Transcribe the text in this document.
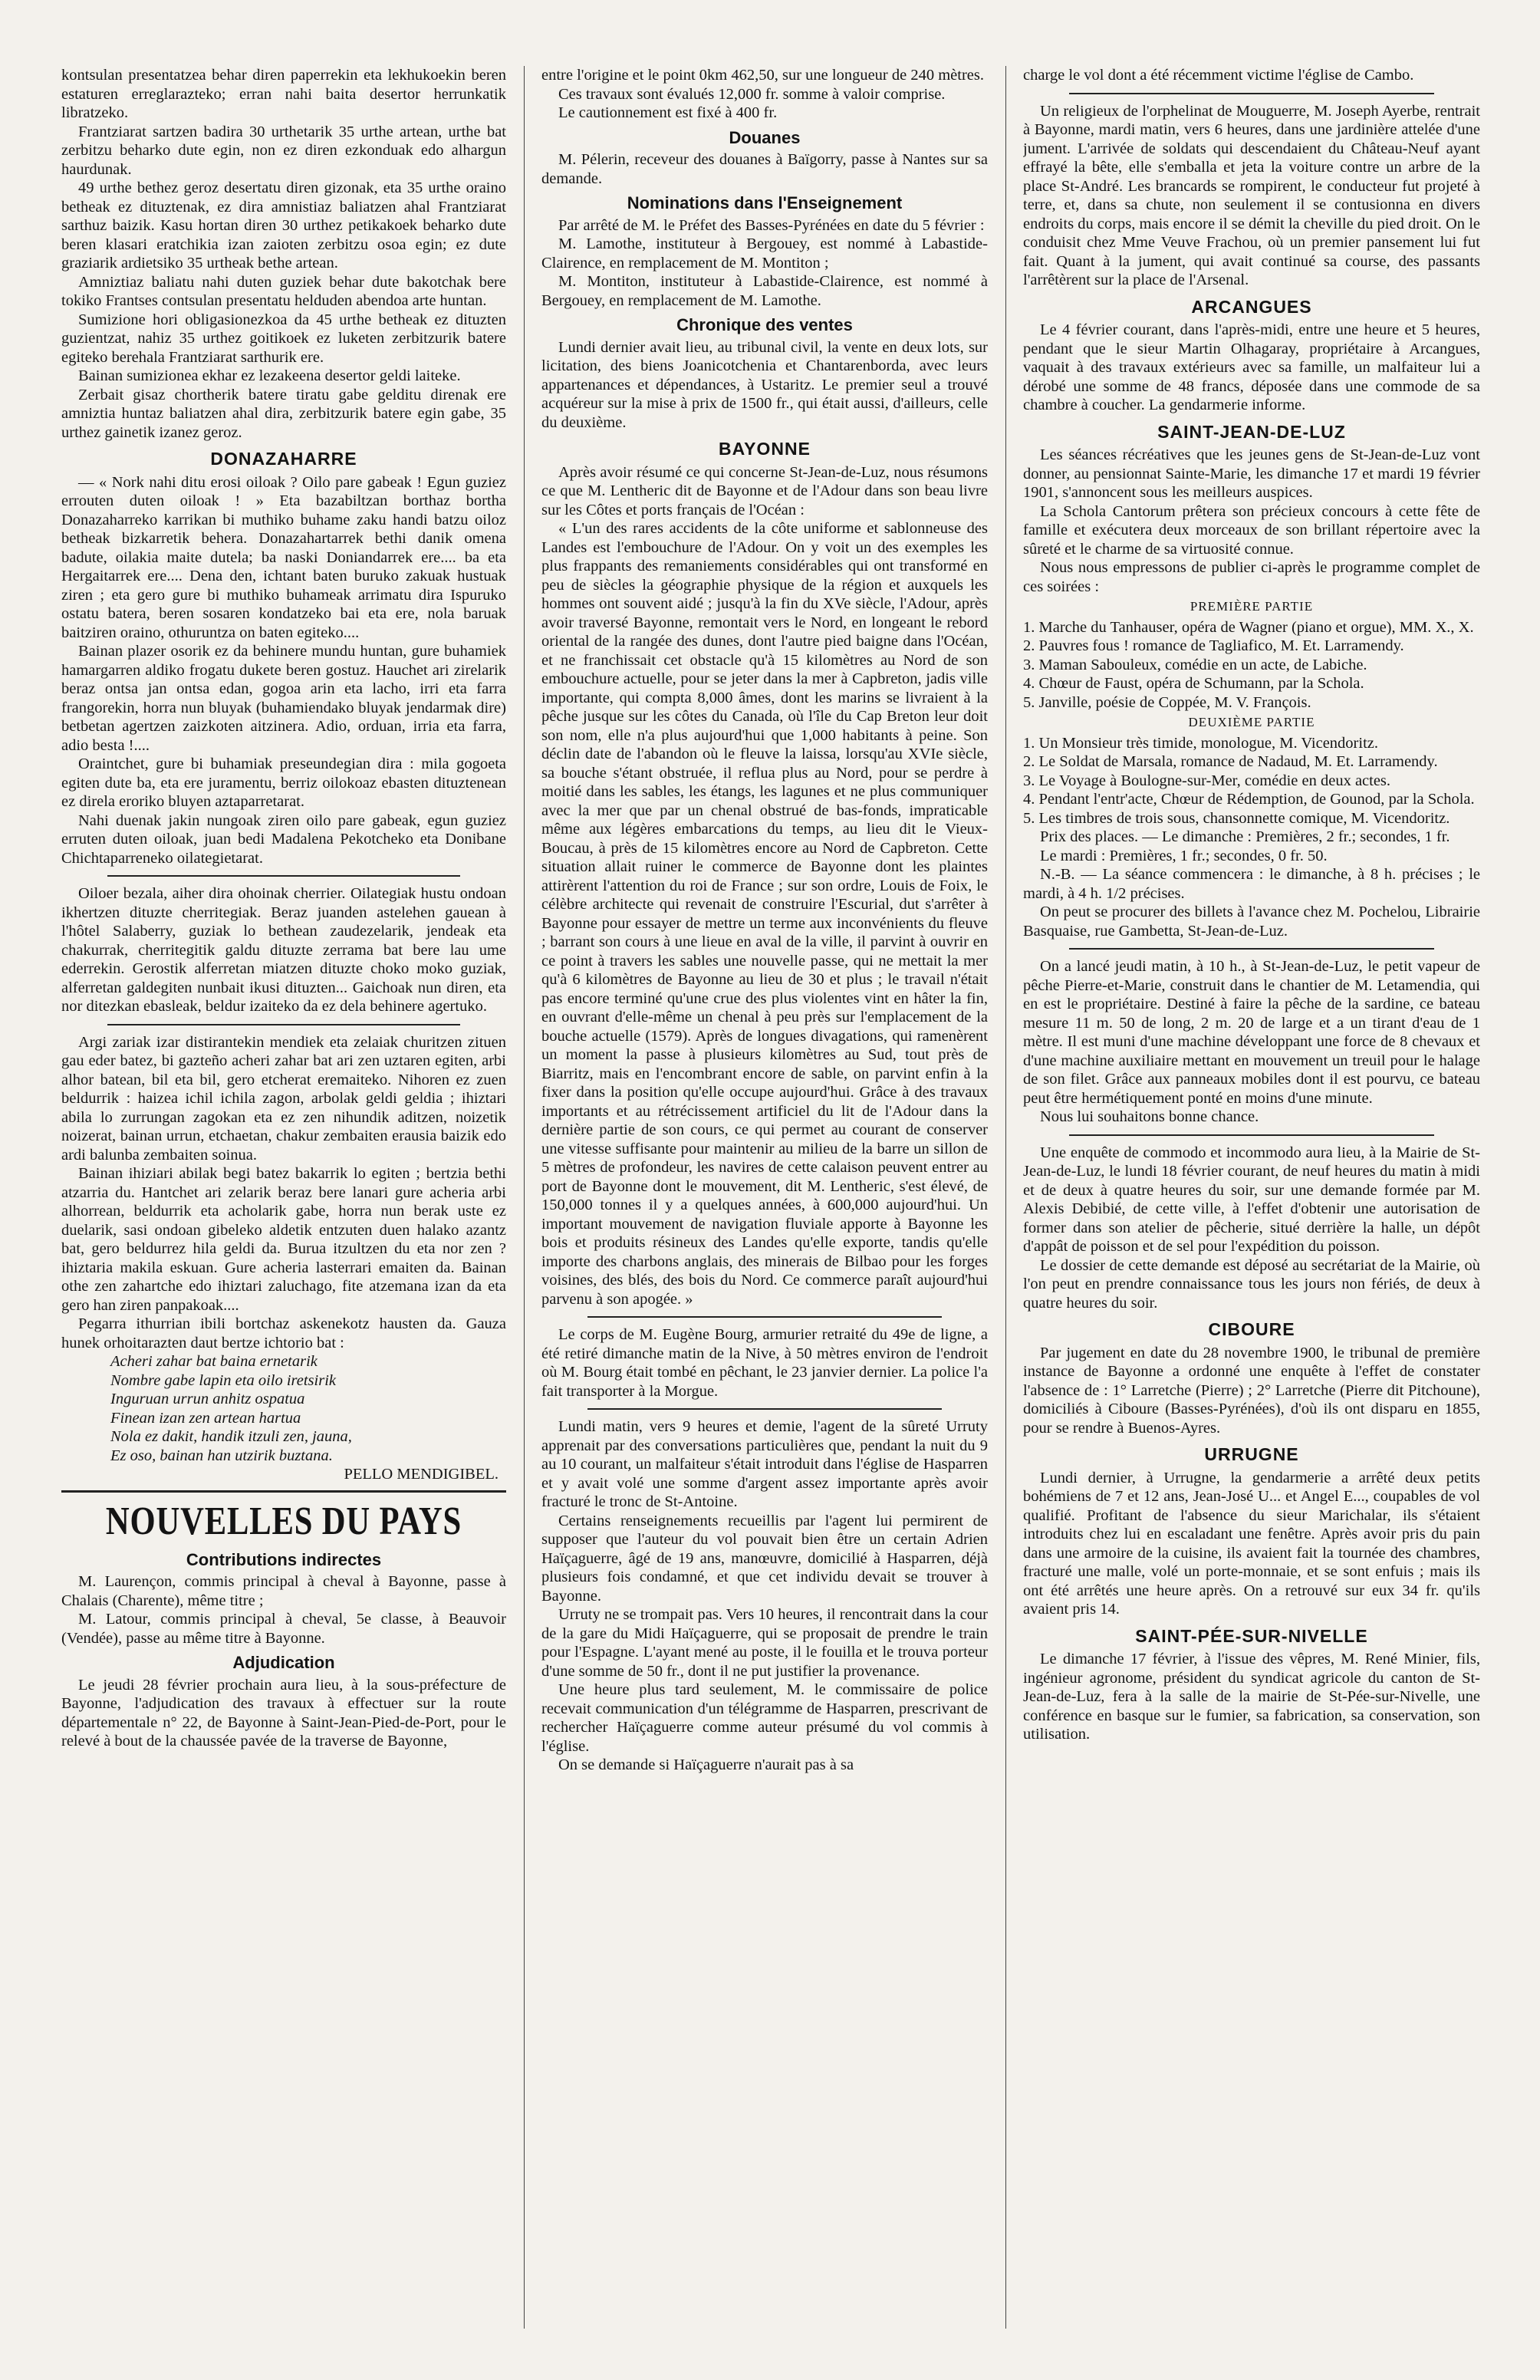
kontsulan presentatzea behar diren paperrekin eta lekhukoekin beren estaturen erreglarazteko; erran nahi baita desertor herrunkatik libratzeko.

Frantziarat sartzen badira 30 urthetarik 35 urthe artean, urthe bat zerbitzu beharko dute egin, non ez diren ezkonduak edo alhargun haurdunak.

49 urthe bethez geroz desertatu diren gizonak, eta 35 urthe oraino betheak ez dituztenak, ez dira amnistiaz baliatzen ahal Frantziarat sarthuz baizik. Kasu hortan diren 30 urthez petikakoek beharko dute beren klasari eratchikia izan zaioten zerbitzu osoa egin; ez dute graziarik ardietsiko 35 urtheak bethe artean.

Amniztiaz baliatu nahi duten guziek behar dute bakotchak bere tokiko Frantses contsulan presentatu helduden abendoa arte huntan.

Sumizione hori obligasionezkoa da 45 urthe betheak ez dituzten guzientzat, nahiz 35 urthez goitikoek ez luketen zerbitzurik batere egiteko berehala Frantziarat sarthurik ere.

Bainan sumizionea ekhar ez lezakeena desertor geldi laiteke.

Zerbait gisaz chortherik batere tiratu gabe gelditu direnak ere amniztia huntaz baliatzen ahal dira, zerbitzurik batere egin gabe, 35 urthez gainetik izanez geroz.

DONAZAHARRE

— « Nork nahi ditu erosi oiloak ? Oilo pare gabeak ! Egun guziez errouten duten oiloak ! » Eta bazabiltzan borthaz bortha Donazaharreko karrikan bi muthiko buhame zaku handi batzu oiloz betheak bizkarretik behera. Donazahartarrek bethi danik omena badute, oilakia maite dutela; ba naski Doniandarrek ere.... ba eta Hergaitarrek ere.... Dena den, ichtant baten buruko zakuak hustuak ziren ; eta gero gure bi muthiko buhameak arrimatu dira Ispuruko ostatu batera, beren sosaren kondatzeko bai eta ere, nola baruak baitziren oraino, othuruntza on baten egiteko....

Bainan plazer osorik ez da behinere mundu huntan, gure buhamiek hamargarren aldiko frogatu dukete beren gostuz. Hauchet ari zirelarik beraz ontsa jan ontsa edan, gogoa arin eta lacho, irri eta farra frangorekin, horra nun bluyak (buhamiendako bluyak jendarmak dire) betbetan agertzen zaizkoten aitzinera. Adio, orduan, irria eta farra, adio besta !....

Oraintchet, gure bi buhamiak preseundegian dira : mila gogoeta egiten dute ba, eta ere juramentu, berriz oilokoaz ebasten dituztenean ez direla eroriko bluyen aztaparretarat.

Nahi duenak jakin nungoak ziren oilo pare gabeak, egun guziez erruten duten oiloak, juan bedi Madalena Pekotcheko eta Donibane Chichtaparreneko oilategietarat.

Oiloer bezala, aiher dira ohoinak cherrier. Oilategiak hustu ondoan ikhertzen dituzte cherritegiak. Beraz juanden astelehen gauean à l'hôtel Salaberry, guziak lo bethean zaudezelarik, jendeak eta chakurrak, cherritegitik galdu dituzte zerrama bat bere lau ume ederrekin. Gerostik alferretan miatzen dituzte choko moko guziak, alferretan galdegiten nunbait ikusi dituzten... Gaichoak nun diren, eta nor ditezkan ebasleak, beldur izaiteko da ez dela behinere agertuko.

Argi zariak izar distirantekin mendiek eta zelaiak churitzen zituen gau eder batez, bi gazteño acheri zahar bat ari zen uztaren egiten, arbi alhor batean, bil eta bil, gero etcherat eremaiteko. Nihoren ez zuen beldurrik : haizea ichil ichila zagon, arbolak geldi geldia ; ihiztari abila lo zurrungan zagokan eta ez zen nihundik aditzen, noizetik noizerat, bainan urrun, etchaetan, chakur zembaiten erausia baizik edo ardi balunba zembaiten soinua.

Bainan ihiziari abilak begi batez bakarrik lo egiten ; bertzia bethi atzarria du. Hantchet ari zelarik beraz bere lanari gure acheria arbi alhorrean, beldurrik eta acholarik gabe, horra nun berak uste ez duelarik, sasi ondoan gibeleko aldetik entzuten duen halako azantz bat, gero beldurrez hila geldi da. Burua itzultzen du eta nor zen ? ihiztaria makila eskuan. Gure acheria lasterrari emaiten da. Bainan othe zen zahartche edo ihiztari zaluchago, fite atzemana izan da eta gero han ziren panpakoak....

Pegarra ithurrian ibili bortchaz askenekotz hausten da. Gauza hunek orhoitarazten daut bertze ichtorio bat :

Acheri zahar bat baina ernetarik
Nombre gabe lapin eta oilo iretsirik
Inguruan urrun anhitz ospatua
Finean izan zen artean hartua
Nola ez dakit, handik itzuli zen, jauna,
Ez oso, bainan han utzirik buztana.
PELLO MENDIGIBEL.
NOUVELLES DU PAYS
Contributions indirectes

M. Laurençon, commis principal à cheval à Bayonne, passe à Chalais (Charente), même titre ;

M. Latour, commis principal à cheval, 5e classe, à Beauvoir (Vendée), passe au même titre à Bayonne.

Adjudication

Le jeudi 28 février prochain aura lieu, à la sous-préfecture de Bayonne, l'adjudication des travaux à effectuer sur la route départementale n° 22, de Bayonne à Saint-Jean-Pied-de-Port, pour le relevé à bout de la chaussée pavée de la traverse de Bayonne,

entre l'origine et le point 0km 462,50, sur une longueur de 240 mètres.

Ces travaux sont évalués 12,000 fr. somme à valoir comprise.

Le cautionnement est fixé à 400 fr.

Douanes

M. Pélerin, receveur des douanes à Baïgorry, passe à Nantes sur sa demande.

Nominations dans l'Enseignement

Par arrêté de M. le Préfet des Basses-Pyrénées en date du 5 février :

M. Lamothe, instituteur à Bergouey, est nommé à Labastide-Clairence, en remplacement de M. Montiton ;

M. Montiton, instituteur à Labastide-Clairence, est nommé à Bergouey, en remplacement de M. Lamothe.

Chronique des ventes

Lundi dernier avait lieu, au tribunal civil, la vente en deux lots, sur licitation, des biens Joanicotchenia et Chantarenborda, avec leurs appartenances et dépendances, à Ustaritz. Le premier seul a trouvé acquéreur sur la mise à prix de 1500 fr., qui était aussi, d'ailleurs, celle du deuxième.

BAYONNE

Après avoir résumé ce qui concerne St-Jean-de-Luz, nous résumons ce que M. Lentheric dit de Bayonne et de l'Adour dans son beau livre sur les Côtes et ports français de l'Océan :

« L'un des rares accidents de la côte uniforme et sablonneuse des Landes est l'embouchure de l'Adour. On y voit un des exemples les plus frappants des remaniements considérables qui ont transformé en peu de siècles la géographie physique de la région et auxquels les hommes ont souvent aidé ; jusqu'à la fin du XVe siècle, l'Adour, après avoir traversé Bayonne, remontait vers le Nord, en longeant le rebord oriental de la rangée des dunes, dont l'autre pied baigne dans l'Océan, et ne franchissait cet obstacle qu'à 15 kilomètres au Nord de son embouchure actuelle, pour se jeter dans la mer à Capbreton, jadis ville importante, qui compta 8,000 âmes, dont les marins se livraient à la pêche jusque sur les côtes du Canada, où l'île du Cap Breton leur doit son nom, elle n'a plus aujourd'hui que 1,000 habitants à peine. Son déclin date de l'abandon où le fleuve la laissa, lorsqu'au XVIe siècle, sa bouche s'étant obstruée, il reflua plus au Nord, pour se perdre à moitié dans les sables, les étangs, les lagunes et ne plus communiquer avec la mer que par un chenal obstrué de bas-fonds, impraticable même aux légères embarcations du temps, au lieu dit le Vieux-Boucau, à près de 15 kilomètres encore au Nord de Capbreton. Cette situation allait ruiner le commerce de Bayonne dont les plaintes attirèrent l'attention du roi de France ; sur son ordre, Louis de Foix, le célèbre architecte qui revenait de construire l'Escurial, dut s'arrêter à Bayonne pour essayer de mettre un terme aux inconvénients du fleuve ; barrant son cours à une lieue en aval de la ville, il parvint à ouvrir en ce point à travers les sables une nouvelle passe, qui ne mettait la mer qu'à 6 kilomètres de Bayonne au lieu de 30 et plus ; le travail n'était pas encore terminé qu'une crue des plus violentes vint en hâter la fin, en ouvrant d'elle-même un chenal à peu près sur l'emplacement de la bouche actuelle (1579). Après de longues divagations, qui ramenèrent un moment la passe à plusieurs kilomètres au Sud, tout près de Biarritz, mais en l'encombrant encore de sable, on parvint enfin à la fixer dans la position qu'elle occupe aujourd'hui. Grâce à des travaux importants et au rétrécissement artificiel du lit de l'Adour dans la dernière partie de son cours, ce qui permet au courant de conserver une vitesse suffisante pour maintenir au milieu de la barre un sillon de 5 mètres de profondeur, les navires de cette calaison peuvent entrer au port de Bayonne dont le mouvement, dit M. Lentheric, s'est élevé, de 150,000 tonnes il y a quelques années, à 600,000 aujourd'hui. Un important mouvement de navigation fluviale apporte à Bayonne les bois et produits résineux des Landes qu'elle exporte, tandis qu'elle importe des charbons anglais, des minerais de Bilbao pour les forges voisines, des blés, des bois du Nord. Ce commerce paraît aujourd'hui parvenu à son apogée. »

Le corps de M. Eugène Bourg, armurier retraité du 49e de ligne, a été retiré dimanche matin de la Nive, à 50 mètres environ de l'endroit où M. Bourg était tombé en pêchant, le 23 janvier dernier. La police l'a fait transporter à la Morgue.

Lundi matin, vers 9 heures et demie, l'agent de la sûreté Urruty apprenait par des conversations particulières que, pendant la nuit du 9 au 10 courant, un malfaiteur s'était introduit dans l'église de Hasparren et y avait volé une somme d'argent assez importante après avoir fracturé le tronc de St-Antoine.

Certains renseignements recueillis par l'agent lui permirent de supposer que l'auteur du vol pouvait bien être un certain Adrien Haïçaguerre, âgé de 19 ans, manœuvre, domicilié à Hasparren, déjà plusieurs fois condamné, et que cet individu devait se trouver à Bayonne.

Urruty ne se trompait pas. Vers 10 heures, il rencontrait dans la cour de la gare du Midi Haïçaguerre, qui se proposait de prendre le train pour l'Espagne. L'ayant mené au poste, il le fouilla et le trouva porteur d'une somme de 50 fr., dont il ne put justifier la provenance.

Une heure plus tard seulement, M. le commissaire de police recevait communication d'un télégramme de Hasparren, prescrivant de rechercher Haïçaguerre comme auteur présumé du vol commis à l'église.

On se demande si Haïçaguerre n'aurait pas à sa

charge le vol dont a été récemment victime l'église de Cambo.

Un religieux de l'orphelinat de Mouguerre, M. Joseph Ayerbe, rentrait à Bayonne, mardi matin, vers 6 heures, dans une jardinière attelée d'une jument. L'arrivée de soldats qui descendaient du Château-Neuf ayant effrayé la bête, elle s'emballa et jeta la voiture contre un arbre de la place St-André. Les brancards se rompirent, le conducteur fut projeté à terre, et, dans sa chute, non seulement il se contusionna en divers endroits du corps, mais encore il se démit la cheville du pied droit. On le conduisit chez Mme Veuve Frachou, où un premier pansement lui fut fait. Quant à la jument, qui avait continué sa course, des passants l'arrêtèrent sur la place de l'Arsenal.

ARCANGUES

Le 4 février courant, dans l'après-midi, entre une heure et 5 heures, pendant que le sieur Martin Olhagaray, propriétaire à Arcangues, vaquait à des travaux extérieurs avec sa famille, un malfaiteur lui a dérobé une somme de 48 francs, déposée dans une commode de sa chambre à coucher. La gendarmerie informe.

SAINT-JEAN-DE-LUZ

Les séances récréatives que les jeunes gens de St-Jean-de-Luz vont donner, au pensionnat Sainte-Marie, les dimanche 17 et mardi 19 février 1901, s'annoncent sous les meilleurs auspices.

La Schola Cantorum prêtera son précieux concours à cette fête de famille et exécutera deux morceaux de son brillant répertoire avec la sûreté et le charme de sa virtuosité connue.

Nous nous empressons de publier ci-après le programme complet de ces soirées :

PREMIÈRE PARTIE
1. Marche du Tanhauser, opéra de Wagner (piano et orgue), MM. X., X.
2. Pauvres fous ! romance de Tagliafico, M. Et. Larramendy.
3. Maman Sabouleux, comédie en un acte, de Labiche.
4. Chœur de Faust, opéra de Schumann, par la Schola.
5. Janville, poésie de Coppée, M. V. François.
DEUXIÈME PARTIE
1. Un Monsieur très timide, monologue, M. Vicendoritz.
2. Le Soldat de Marsala, romance de Nadaud, M. Et. Larramendy.
3. Le Voyage à Boulogne-sur-Mer, comédie en deux actes.
4. Pendant l'entr'acte, Chœur de Rédemption, de Gounod, par la Schola.
5. Les timbres de trois sous, chansonnette comique, M. Vicendoritz.

Prix des places. — Le dimanche : Premières, 2 fr.; secondes, 1 fr.

Le mardi : Premières, 1 fr.; secondes, 0 fr. 50.

N.-B. — La séance commencera : le dimanche, à 8 h. précises ; le mardi, à 4 h. 1/2 précises.

On peut se procurer des billets à l'avance chez M. Pochelou, Librairie Basquaise, rue Gambetta, St-Jean-de-Luz.

On a lancé jeudi matin, à 10 h., à St-Jean-de-Luz, le petit vapeur de pêche Pierre-et-Marie, construit dans le chantier de M. Letamendia, qui en est le propriétaire. Destiné à faire la pêche de la sardine, ce bateau mesure 11 m. 50 de long, 2 m. 20 de large et a un tirant d'eau de 1 mètre. Il est muni d'une machine développant une force de 8 chevaux et d'une machine auxiliaire mettant en mouvement un treuil pour le halage de son filet. Grâce aux panneaux mobiles dont il est pourvu, ce bateau peut être hermétiquement ponté en moins d'une minute.

Nous lui souhaitons bonne chance.

Une enquête de commodo et incommodo aura lieu, à la Mairie de St-Jean-de-Luz, le lundi 18 février courant, de neuf heures du matin à midi et de deux à quatre heures du soir, sur une demande formée par M. Alexis Debibié, de cette ville, à l'effet d'obtenir une autorisation de former dans son atelier de pêcherie, situé derrière la halle, un dépôt d'appât de poisson et de sel pour l'expédition du poisson.

Le dossier de cette demande est déposé au secrétariat de la Mairie, où l'on peut en prendre connaissance tous les jours non fériés, de deux à quatre heures du soir.

CIBOURE

Par jugement en date du 28 novembre 1900, le tribunal de première instance de Bayonne a ordonné une enquête à l'effet de constater l'absence de : 1° Larretche (Pierre) ; 2° Larretche (Pierre dit Pitchoune), domiciliés à Ciboure (Basses-Pyrénées), d'où ils ont disparu en 1855, pour se rendre à Buenos-Ayres.

URRUGNE

Lundi dernier, à Urrugne, la gendarmerie a arrêté deux petits bohémiens de 7 et 12 ans, Jean-José U... et Angel E..., coupables de vol qualifié. Profitant de l'absence du sieur Marichalar, ils s'étaient introduits chez lui en escaladant une fenêtre. Après avoir pris du pain dans une armoire de la cuisine, ils avaient fait la tournée des chambres, fracturé une malle, volé un porte-monnaie, et se sont enfuis ; mais ils ont été arrêtés une heure après. On a retrouvé sur eux 34 fr. qu'ils avaient pris 14.

SAINT-PÉE-SUR-NIVELLE

Le dimanche 17 février, à l'issue des vêpres, M. René Minier, fils, ingénieur agronome, président du syndicat agricole du canton de St-Jean-de-Luz, fera à la salle de la mairie de St-Pée-sur-Nivelle, une conférence en basque sur le fumier, sa fabrication, sa conservation, son utilisation.
